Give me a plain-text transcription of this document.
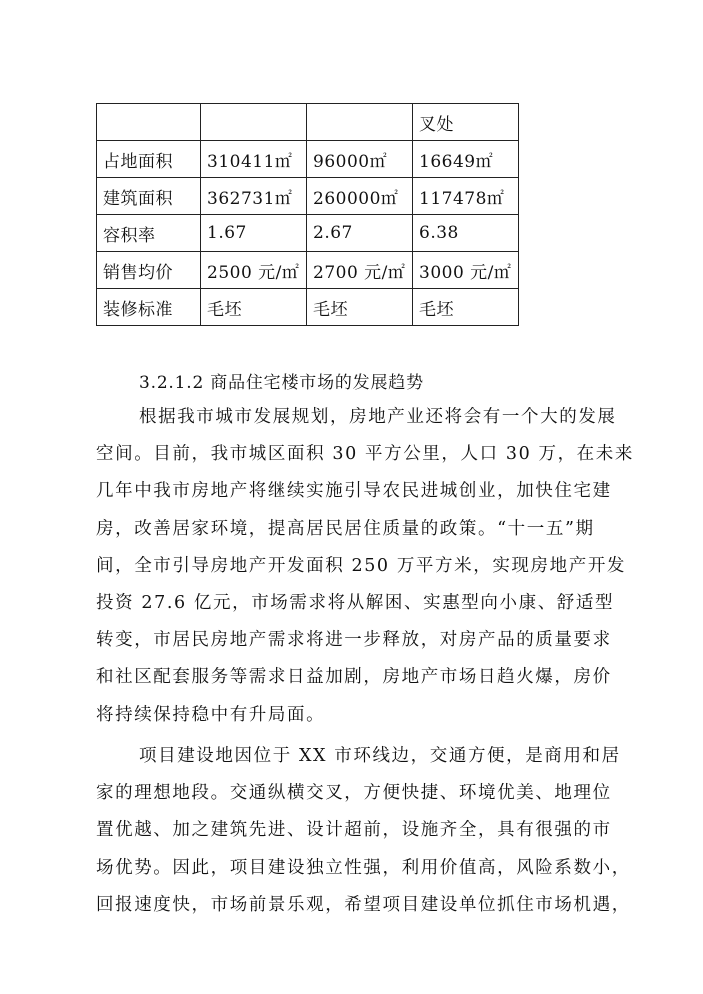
			叉处
占地面积	310411㎡	96000㎡	16649㎡
建筑面积	362731㎡	260000㎡	117478㎡
容积率	1.67	2.67	6.38
销售均价	2500 元/㎡	2700 元/㎡	3000 元/㎡
装修标准	毛坯	毛坯	毛坯
3.2.1.2 商品住宅楼市场的发展趋势
根据我市城市发展规划，房地产业还将会有一个大的发展
空间。目前，我市城区面积 30 平方公里，人口 30 万，在未来
几年中我市房地产将继续实施引导农民进城创业，加快住宅建
房，改善居家环境，提高居民居住质量的政策。“十一五”期
间，全市引导房地产开发面积 250 万平方米，实现房地产开发
投资 27.6 亿元，市场需求将从解困、实惠型向小康、舒适型
转变，市居民房地产需求将进一步释放，对房产品的质量要求
和社区配套服务等需求日益加剧，房地产市场日趋火爆，房价
将持续保持稳中有升局面。
项目建设地因位于 XX 市环线边，交通方便，是商用和居
家的理想地段。交通纵横交叉，方便快捷、环境优美、地理位
置优越、加之建筑先进、设计超前，设施齐全，具有很强的市
场优势。因此，项目建设独立性强，利用价值高，风险系数小，
回报速度快，市场前景乐观，希望项目建设单位抓住市场机遇，
